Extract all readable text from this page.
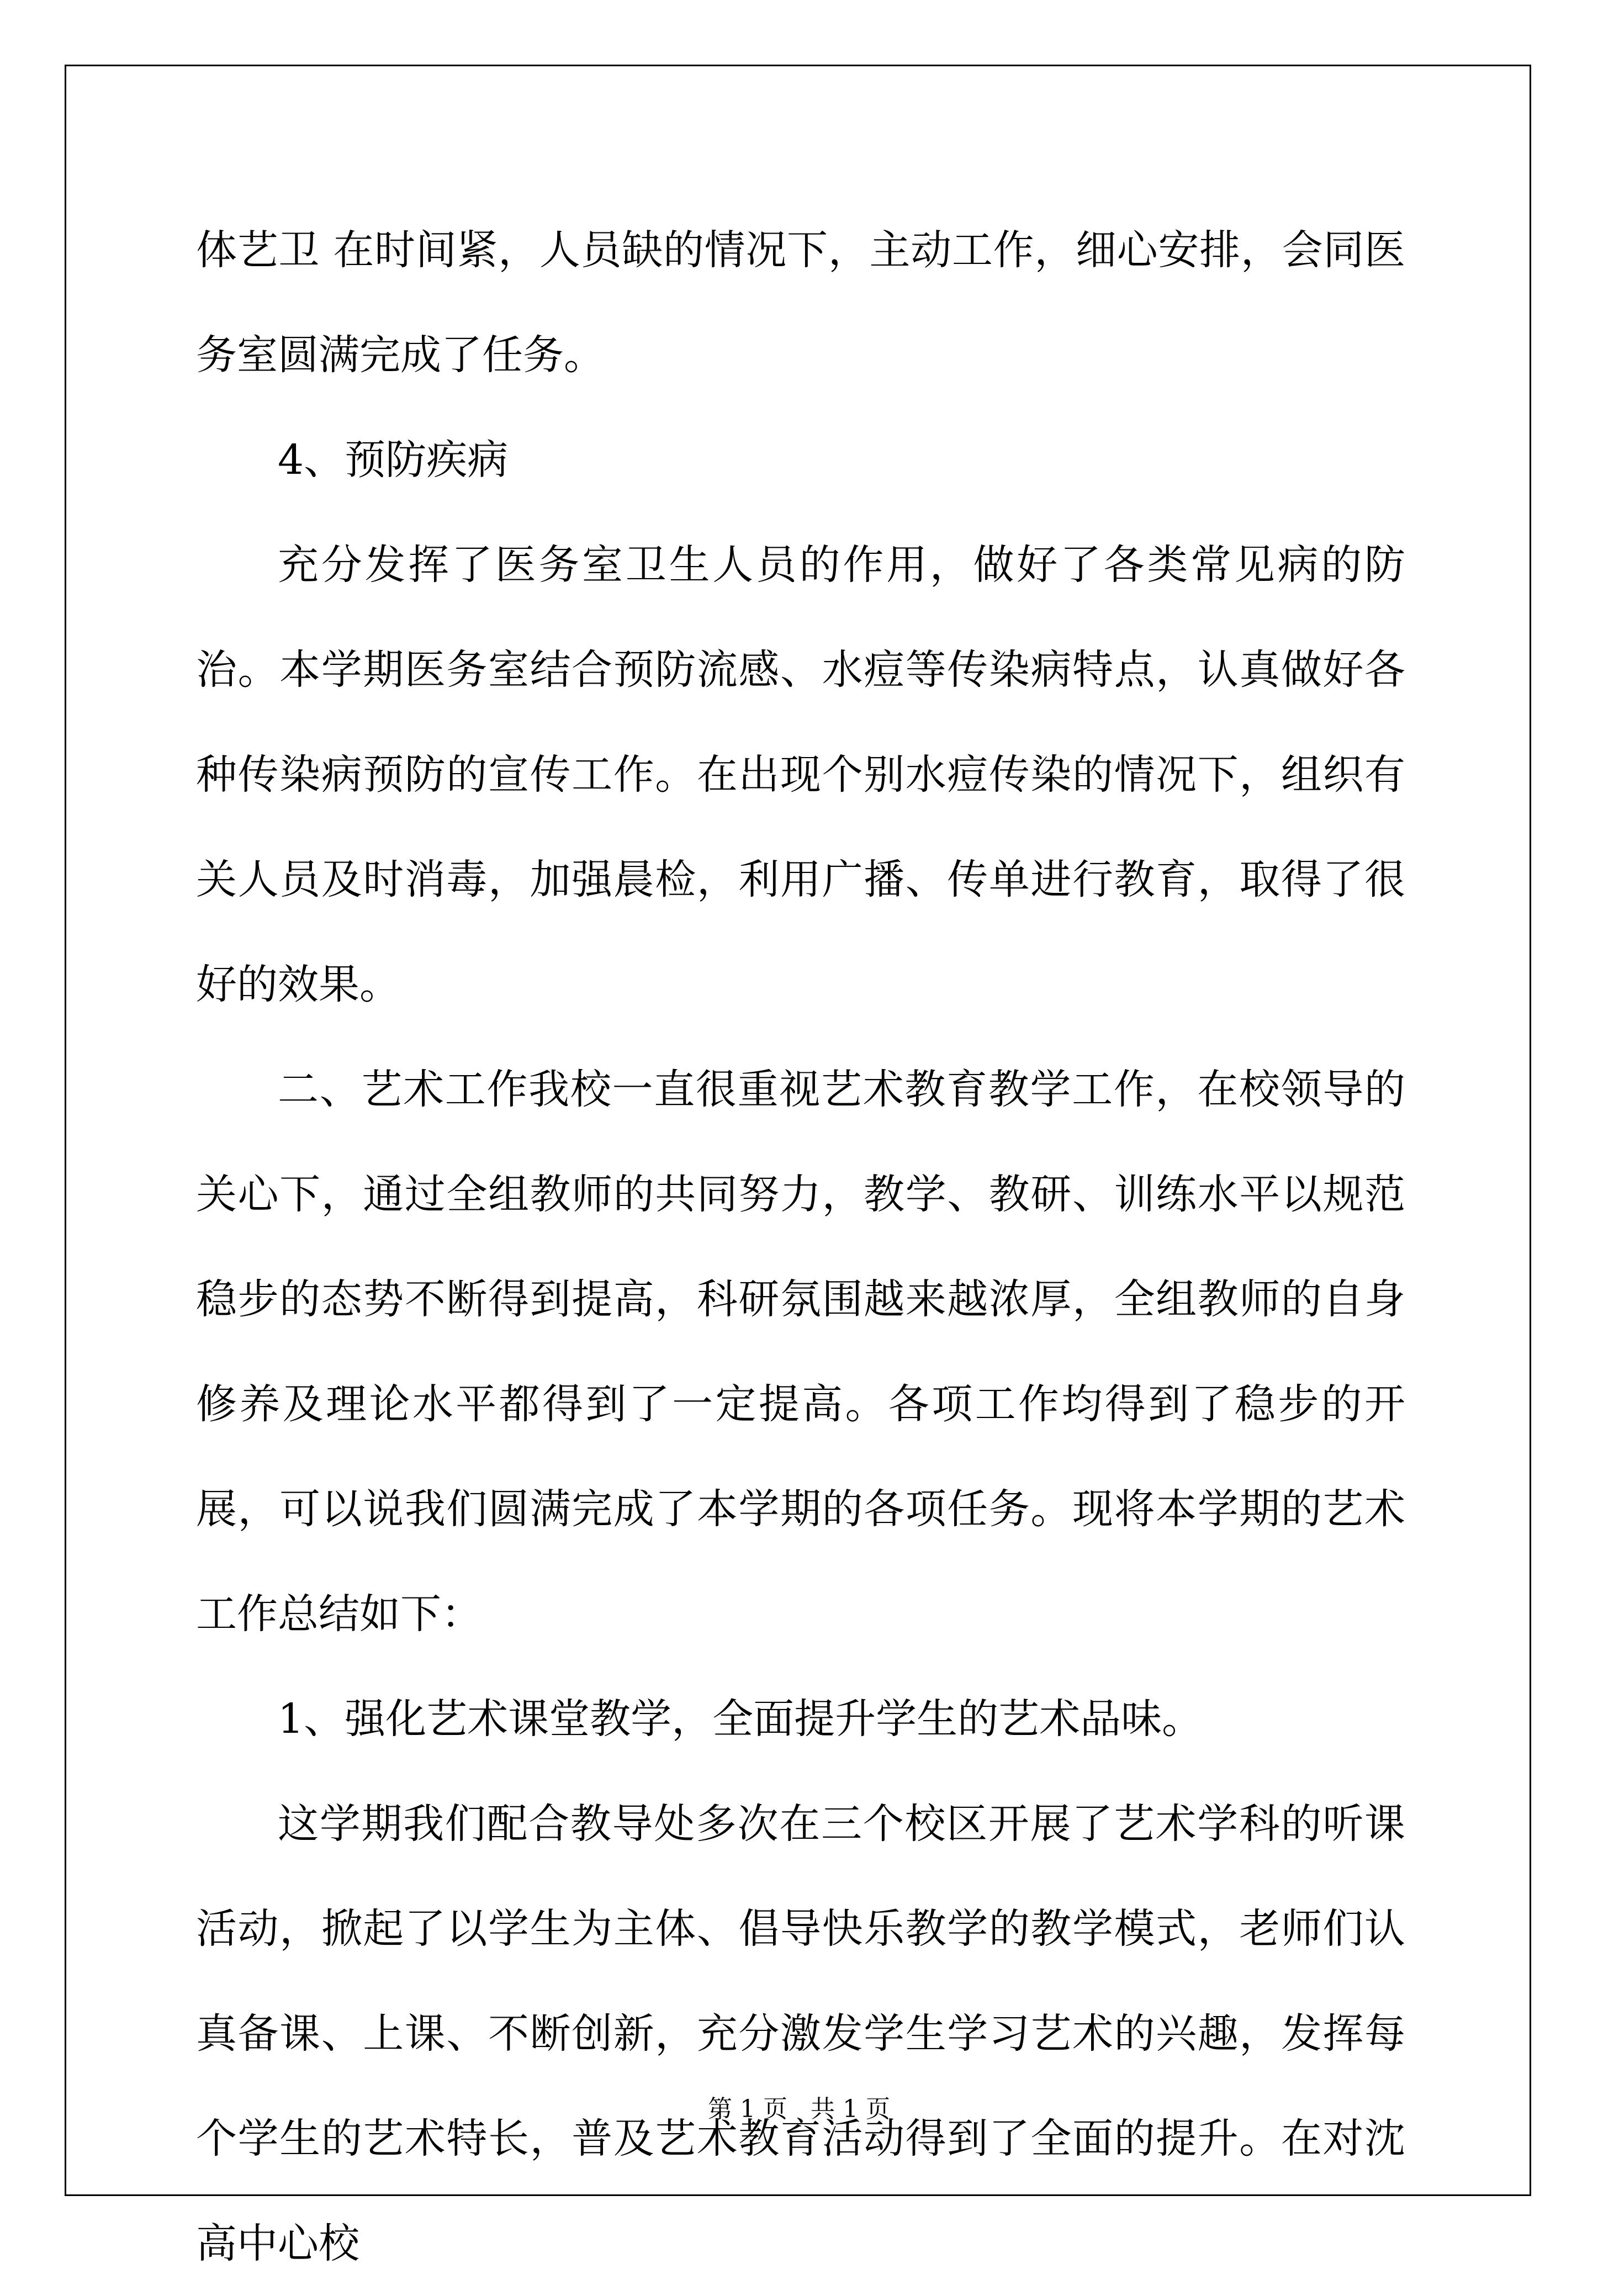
体艺卫 在时间紧，人员缺的情况下，主动工作，细心安排，会同医务室圆满完成了任务。

4、预防疾病

充分发挥了医务室卫生人员的作用，做好了各类常见病的防治。本学期医务室结合预防流感、水痘等传染病特点，认真做好各种传染病预防的宣传工作。在出现个别水痘传染的情况下，组织有关人员及时消毒，加强晨检，利用广播、传单进行教育，取得了很好的效果。

二、艺术工作我校一直很重视艺术教育教学工作，在校领导的关心下，通过全组教师的共同努力，教学、教研、训练水平以规范稳步的态势不断得到提高，科研氛围越来越浓厚，全组教师的自身修养及理论水平都得到了一定提高。各项工作均得到了稳步的开展，可以说我们圆满完成了本学期的各项任务。现将本学期的艺术工作总结如下：

1、强化艺术课堂教学，全面提升学生的艺术品味。

这学期我们配合教导处多次在三个校区开展了艺术学科的听课活动，掀起了以学生为主体、倡导快乐教学的教学模式，老师们认真备课、上课、不断创新，充分激发学生学习艺术的兴趣，发挥每个学生的艺术特长，普及艺术教育活动得到了全面的提升。在对沈高中心校

第 1 页   共 1 页
